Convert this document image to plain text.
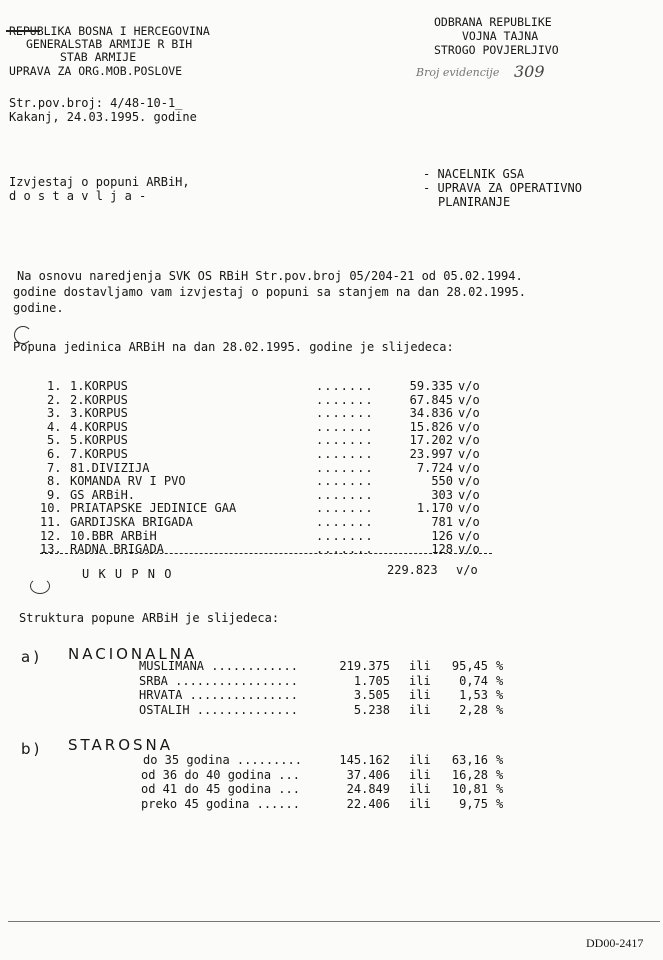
REPUBLIKA BOSNA I HERCEGOVINA
GENERALSTAB ARMIJE R BIH
STAB ARMIJE
UPRAVA ZA ORG.MOB.POSLOVE
ODBRANA REPUBLIKE
VOJNA TAJNA
STROGO POVJERLJIVO
Broj evidencije 309
Str.pov.broj: 4/48-10-1_
Kakanj, 24.03.1995. godine
Izvjestaj o popuni ARBiH,
d o s t a v l j a -
- NACELNIK GSA
- UPRAVA ZA OPERATIVNO
PLANIRANJE
Na osnovu naredjenja SVK OS RBiH Str.pov.broj 05/204-21 od 05.02.1994.
godine dostavljamo vam izvjestaj o popuni sa stanjem na dan 28.02.1995.
godine.
Popuna jedinica ARBiH na dan 28.02.1995. godine je slijedeca:
1. 1.KORPUS	.......	59.335 v/o
2. 2.KORPUS	.......	67.845 v/o
3. 3.KORPUS	.......	34.836 v/o
4. 4.KORPUS	.......	15.826 v/o
5. 5.KORPUS	.......	17.202 v/o
6. 7.KORPUS	.......	23.997 v/o
7. 81.DIVIZIJA	.......	7.724 v/o
8. KOMANDA RV I PVO	.......	550 v/o
9. GS ARBiH.	.......	303 v/o
10. PRIATAPSKE JEDINICE GAA	.......	1.170 v/o
11. GARDIJSKA BRIGADA	.......	781 v/o
12. 10.BBR ARBiH	.......	126 v/o
13. RADNA BRIGADA	.......	128 v/o
U K U P N O	229.823 v/o
Struktura popune ARBiH je slijedeca:
a) NACIONALNA
MUSLIMANA ............	219.375 ili 95,45 %
SRBA .................	1.705 ili 0,74 %
HRVATA ...............	3.505 ili 1,53 %
OSTALIH ..............	5.238 ili 2,28 %
b) STAROSNA
do 35 godina .........	145.162 ili 63,16 %
od 36 do 40 godina ...	37.406 ili 16,28 %
od 41 do 45 godina ...	24.849 ili 10,81 %
preko 45 godina ......	22.406 ili 9,75 %
DD00-2417
